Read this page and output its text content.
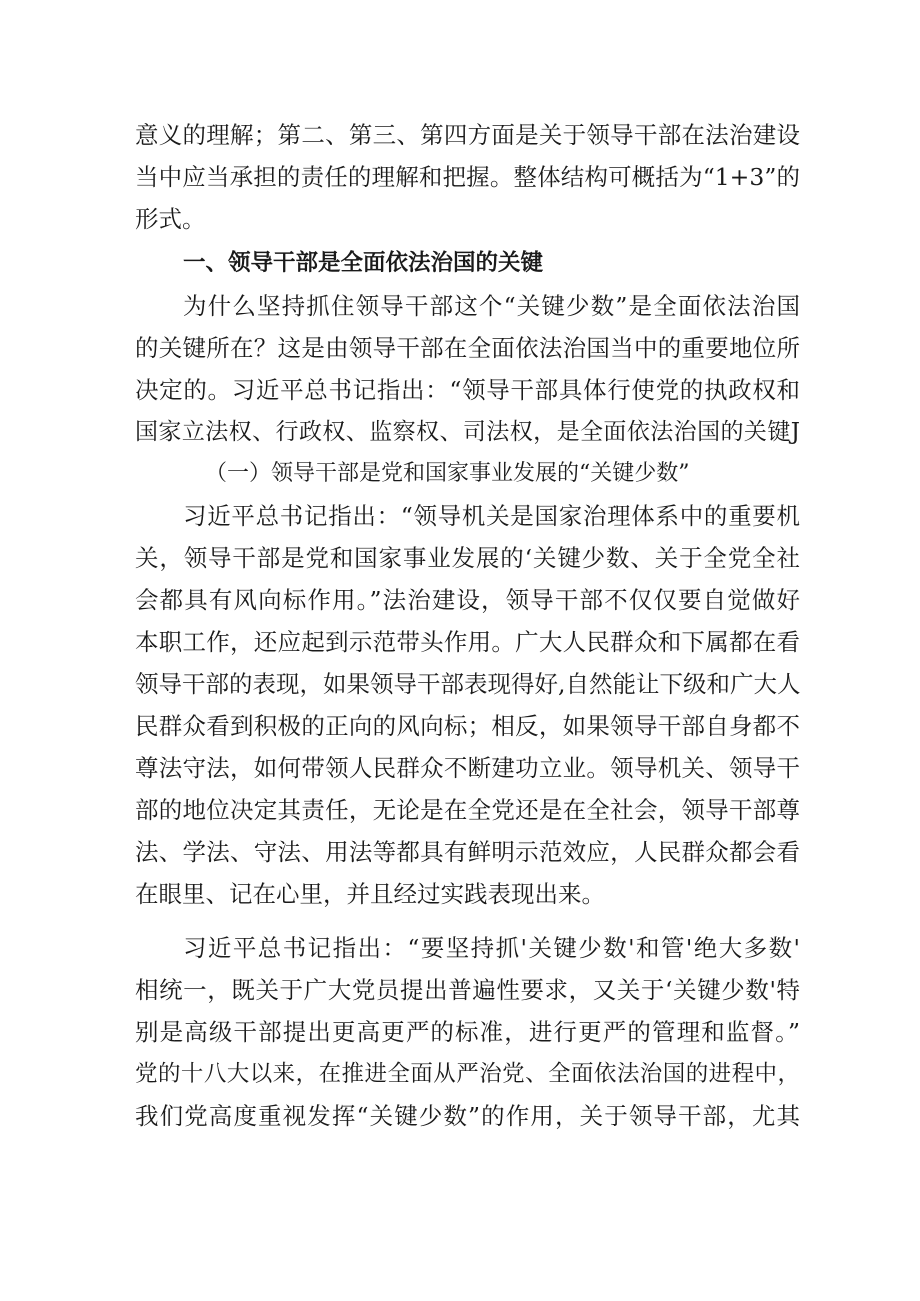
意义的理解；第二、第三、第四方面是关于领导干部在法治建设
当中应当承担的责任的理解和把握。整体结构可概括为“1+3”的
形式。
一、领导干部是全面依法治国的关键
为什么坚持抓住领导干部这个“关键少数”是全面依法治国
的关键所在？这是由领导干部在全面依法治国当中的重要地位所
决定的。习近平总书记指出：“领导干部具体行使党的执政权和
国家立法权、行政权、监察权、司法权，是全面依法治国的关键J
（一）领导干部是党和国家事业发展的“关键少数”
习近平总书记指出：“领导机关是国家治理体系中的重要机
关，领导干部是党和国家事业发展的‘关键少数、关于全党全社
会都具有风向标作用。”法治建设，领导干部不仅仅要自觉做好
本职工作，还应起到示范带头作用。广大人民群众和下属都在看
领导干部的表现，如果领导干部表现得好,自然能让下级和广大人
民群众看到积极的正向的风向标；相反，如果领导干部自身都不
尊法守法，如何带领人民群众不断建功立业。领导机关、领导干
部的地位决定其责任，无论是在全党还是在全社会，领导干部尊
法、学法、守法、用法等都具有鲜明示范效应，人民群众都会看
在眼里、记在心里，并且经过实践表现出来。
习近平总书记指出：“要坚持抓'关键少数'和管'绝大多数'
相统一，既关于广大党员提出普遍性要求，又关于‘关键少数'特
别是高级干部提出更高更严的标准，进行更严的管理和监督。”
党的十八大以来，在推进全面从严治党、全面依法治国的进程中，
我们党高度重视发挥“关键少数”的作用，关于领导干部，尤其
